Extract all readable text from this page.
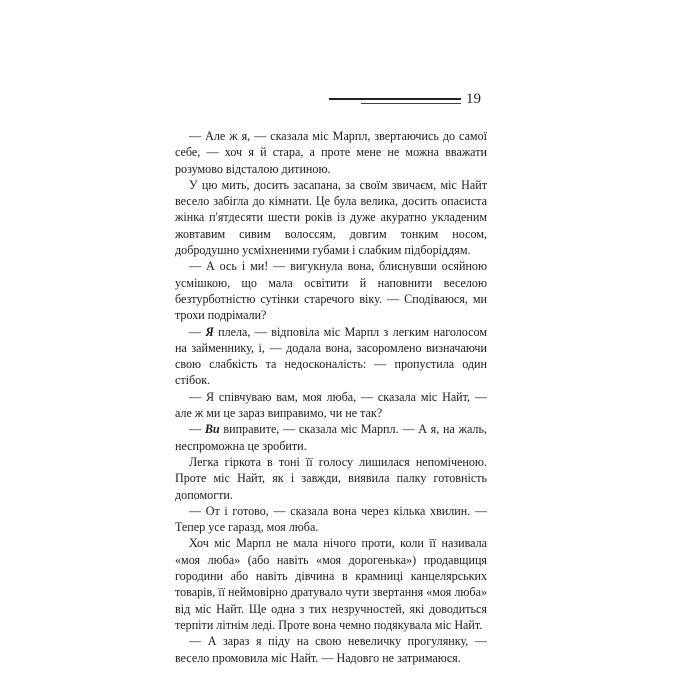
19

— Але ж я, — сказала міс Марпл, звертаючись до самої себе, — хоч я й стара, а проте мене не можна вважати розумово відсталою дитиною.

У цю мить, досить засапана, за своїм звичаєм, міс Найт весело забігла до кімнати. Це була велика, досить опасиста жінка п'ятдесяти шести років із дуже акуратно укладеним жовтавим сивим волоссям, довгим тонким носом, добродушно усміхненими губами і слабким підборіддям.

— А ось і ми! — вигукнула вона, блиснувши осяйною усмішкою, що мала освітити й наповнити веселою безтурботністю сутінки старечого віку. — Сподіваюся, ми трохи подрімали?

— Я плела, — відповіла міс Марпл з легким наголосом на займеннику, і, — додала вона, засоромлено визначаючи свою слабкість та недосконалість: — пропустила один стібок.

— Я співчуваю вам, моя люба, — сказала міс Найт, — але ж ми це зараз виправимо, чи не так?

— Ви виправите, — сказала міс Марпл. — А я, на жаль, неспроможна це зробити.

Легка гіркота в тоні її голосу лишилася непоміченою. Проте міс Найт, як і завжди, виявила палку готовність допомогти.

— От і готово, — сказала вона через кілька хвилин. — Тепер усе гаразд, моя люба.

Хоч міс Марпл не мала нічого проти, коли її називала «моя люба» (або навіть «моя дорогенька») продавщиця городини або навіть дівчина в крамниці канцелярських товарів, її неймовірно дратувало чути звертання «моя люба» від міс Найт. Ще одна з тих незручностей, які доводиться терпіти літнім леді. Проте вона чемно подякувала міс Найт.

— А зараз я піду на свою невеличку прогулянку, — весело промовила міс Найт. — Надовго не затримаюся.
